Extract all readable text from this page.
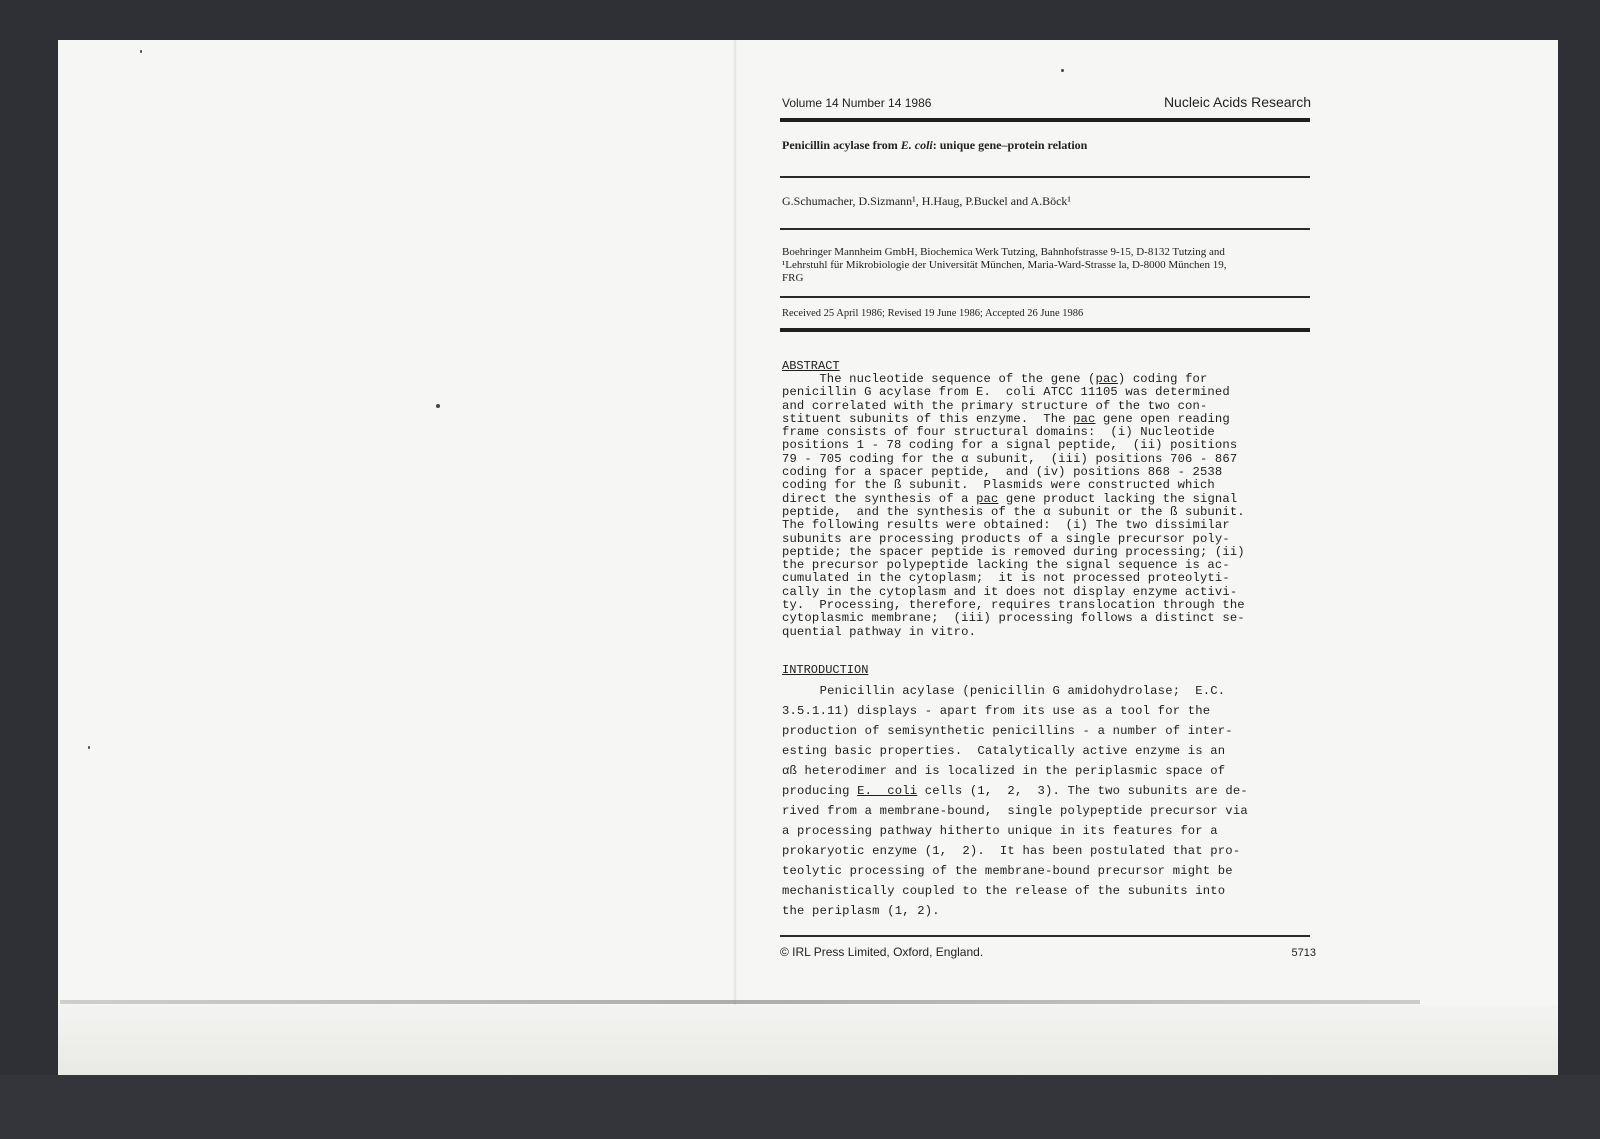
Volume 14 Number 14 1986	Nucleic Acids Research
Penicillin acylase from E. coli: unique gene–protein relation
G.Schumacher, D.Sizmann¹, H.Haug, P.Buckel and A.Böck¹
Boehringer Mannheim GmbH, Biochemica Werk Tutzing, Bahnhofstrasse 9-15, D-8132 Tutzing and
¹Lehrstuhl für Mikrobiologie der Universität München, Maria-Ward-Strasse la, D-8000 München 19,
FRG
Received 25 April 1986; Revised 19 June 1986; Accepted 26 June 1986
ABSTRACT
The nucleotide sequence of the gene (pac) coding for
penicillin G acylase from E.  coli ATCC 11105 was determined
and correlated with the primary structure of the two con-
stituent subunits of this enzyme.  The pac gene open reading
frame consists of four structural domains:  (i) Nucleotide
positions 1 - 78 coding for a signal peptide,  (ii) positions
79 - 705 coding for the α subunit,  (iii) positions 706 - 867
coding for a spacer peptide,  and (iv) positions 868 - 2538
coding for the ß subunit.  Plasmids were constructed which
direct the synthesis of a pac gene product lacking the signal
peptide,  and the synthesis of the α subunit or the ß subunit.
The following results were obtained:  (i) The two dissimilar
subunits are processing products of a single precursor poly-
peptide; the spacer peptide is removed during processing; (ii)
the precursor polypeptide lacking the signal sequence is ac-
cumulated in the cytoplasm;  it is not processed proteolyti-
cally in the cytoplasm and it does not display enzyme activi-
ty.  Processing, therefore, requires translocation through the
cytoplasmic membrane;  (iii) processing follows a distinct se-
quential pathway in vitro.
INTRODUCTION
Penicillin acylase (penicillin G amidohydrolase;  E.C.
3.5.1.11) displays - apart from its use as a tool for the
production of semisynthetic penicillins - a number of inter-
esting basic properties.  Catalytically active enzyme is an
αß heterodimer and is localized in the periplasmic space of
producing E.  coli cells (1,  2,  3). The two subunits are de-
rived from a membrane-bound,  single polypeptide precursor via
a processing pathway hitherto unique in its features for a
prokaryotic enzyme (1,  2).  It has been postulated that pro-
teolytic processing of the membrane-bound precursor might be
mechanistically coupled to the release of the subunits into
the periplasm (1, 2).
© IRL Press Limited, Oxford, England.	5713
